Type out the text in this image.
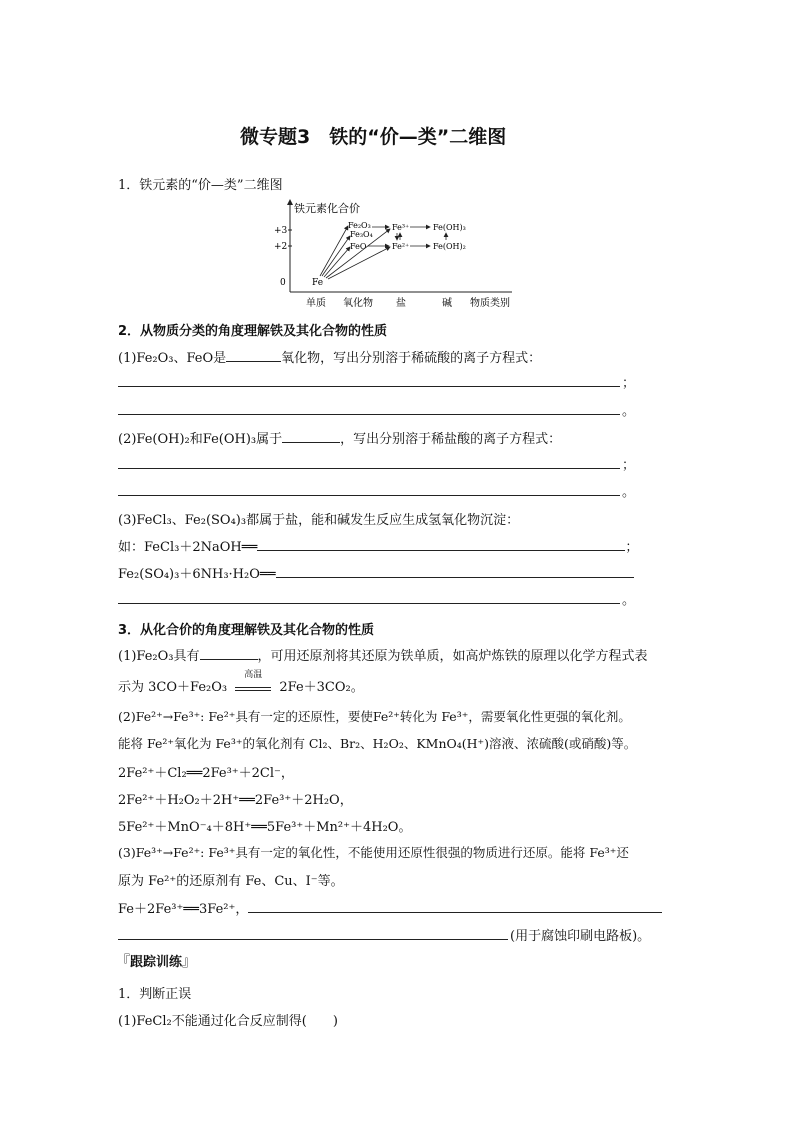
微专题3　铁的“价—类”二维图
1．铁元素的“价—类”二维图
铁元素化合价
+3
+2
0
单质 氧化物 盐	碱 物质类别
Fe
Fe₂O₃
Fe₃O₄
FeO
Fe³⁺
Fe²⁺
Fe(OH)₃
Fe(OH)₂
2．从物质分类的角度理解铁及其化合物的性质
(1)Fe₂O₃、FeO是	氧化物，写出分别溶于稀硫酸的离子方程式：
；
。
(2)Fe(OH)₂和Fe(OH)₃属于	，写出分别溶于稀盐酸的离子方程式：
；
。
(3)FeCl₃、Fe₂(SO₄)₃都属于盐，能和碱发生反应生成氢氧化物沉淀：
如：FeCl₃＋2NaOH══	；
Fe₂(SO₄)₃＋6NH₃·H₂O══
。
3．从化合价的角度理解铁及其化合物的性质
(1)Fe₂O₃具有	，可用还原剂将其还原为铁单质，如高炉炼铁的原理以化学方程式表
示为 3CO＋Fe₂O₃
高温
2Fe＋3CO₂。
(2)Fe²⁺→Fe³⁺: Fe²⁺具有一定的还原性，要使Fe²⁺转化为 Fe³⁺，需要氧化性更强的氧化剂。
能将 Fe²⁺氧化为 Fe³⁺的氧化剂有 Cl₂、Br₂、H₂O₂、KMnO₄(H⁺)溶液、浓硫酸(或硝酸)等。
2Fe²⁺＋Cl₂══2Fe³⁺＋2Cl⁻，
2Fe²⁺＋H₂O₂＋2H⁺══2Fe³⁺＋2H₂O，
5Fe²⁺＋MnO⁻₄＋8H⁺══5Fe³⁺＋Mn²⁺＋4H₂O。
(3)Fe³⁺→Fe²⁺: Fe³⁺具有一定的氧化性，不能使用还原性很强的物质进行还原。能将 Fe³⁺还
原为 Fe²⁺的还原剂有 Fe、Cu、I⁻等。
Fe＋2Fe³⁺══3Fe²⁺，
(用于腐蚀印刷电路板)。
『跟踪训练』
1．判断正误
(1)FeCl₂不能通过化合反应制得( )
